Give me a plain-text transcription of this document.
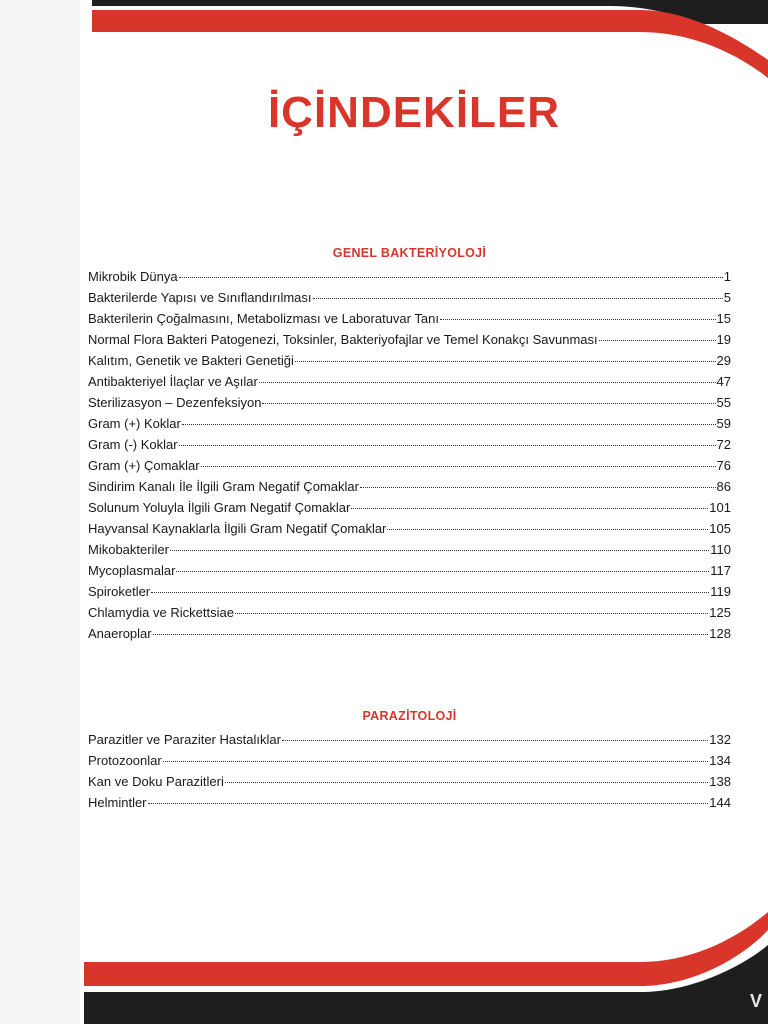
İÇİNDEKİLER
GENEL BAKTERİYOLOJİ
Mikrobik Dünya	1
Bakterilerde Yapısı ve Sınıflandırılması	5
Bakterilerin Çoğalmasını, Metabolizması ve Laboratuvar Tanı	15
Normal Flora Bakteri Patogenezi, Toksinler, Bakteriyofajlar ve Temel Konakçı Savunması	19
Kalıtım, Genetik ve Bakteri Genetiği	29
Antibakteriyel İlaçlar ve Aşılar	47
Sterilizasyon – Dezenfeksiyon	55
Gram (+) Koklar	59
Gram (-) Koklar	72
Gram (+) Çomaklar	76
Sindirim Kanalı İle İlgili Gram Negatif Çomaklar	86
Solunum Yoluyla İlgili Gram Negatif Çomaklar	101
Hayvansal Kaynaklarla İlgili Gram Negatif Çomaklar	105
Mikobakteriler	110
Mycoplasmalar	117
Spiroketler	119
Chlamydia ve Rickettsiae	125
Anaeroplar	128
PARAZİTOLOJİ
Parazitler ve Paraziter Hastalıklar	132
Protozoonlar	134
Kan ve Doku Parazitleri	138
Helmintler	144
V
